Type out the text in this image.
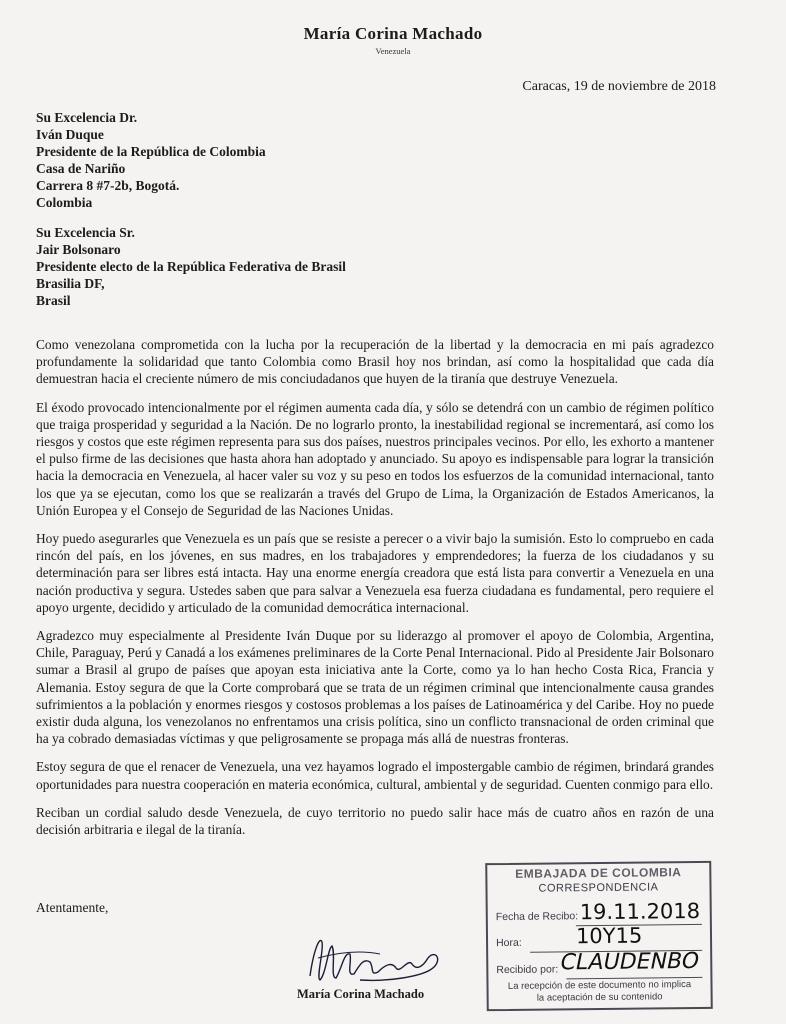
María Corina Machado
Venezuela
Caracas, 19 de noviembre de 2018
Su Excelencia Dr.
Iván Duque
Presidente de la República de Colombia
Casa de Nariño
Carrera 8 #7-2b, Bogotá.
Colombia
Su Excelencia Sr.
Jair Bolsonaro
Presidente electo de la República Federativa de Brasil
Brasilia DF,
Brasil

Como venezolana comprometida con la lucha por la recuperación de la libertad y la democracia en mi país agradezco profundamente la solidaridad que tanto Colombia como Brasil hoy nos brindan, así como la hospitalidad que cada día demuestran hacia el creciente número de mis conciudadanos que huyen de la tiranía que destruye Venezuela.

El éxodo provocado intencionalmente por el régimen aumenta cada día, y sólo se detendrá con un cambio de régimen político que traiga prosperidad y seguridad a la Nación. De no lograrlo pronto, la inestabilidad regional se incrementará, así como los riesgos y costos que este régimen representa para sus dos países, nuestros principales vecinos. Por ello, les exhorto a mantener el pulso firme de las decisiones que hasta ahora han adoptado y anunciado. Su apoyo es indispensable para lograr la transición hacia la democracia en Venezuela, al hacer valer su voz y su peso en todos los esfuerzos de la comunidad internacional, tanto los que ya se ejecutan, como los que se realizarán a través del Grupo de Lima, la Organización de Estados Americanos, la Unión Europea y el Consejo de Seguridad de las Naciones Unidas.

Hoy puedo asegurarles que Venezuela es un país que se resiste a perecer o a vivir bajo la sumisión. Esto lo compruebo en cada rincón del país, en los jóvenes, en sus madres, en los trabajadores y emprendedores; la fuerza de los ciudadanos y su determinación para ser libres está intacta. Hay una enorme energía creadora que está lista para convertir a Venezuela en una nación productiva y segura. Ustedes saben que para salvar a Venezuela esa fuerza ciudadana es fundamental, pero requiere el apoyo urgente, decidido y articulado de la comunidad democrática internacional.

Agradezco muy especialmente al Presidente Iván Duque por su liderazgo al promover el apoyo de Colombia, Argentina, Chile, Paraguay, Perú y Canadá a los exámenes preliminares de la Corte Penal Internacional. Pido al Presidente Jair Bolsonaro sumar a Brasil al grupo de países que apoyan esta iniciativa ante la Corte, como ya lo han hecho Costa Rica, Francia y Alemania. Estoy segura de que la Corte comprobará que se trata de un régimen criminal que intencionalmente causa grandes sufrimientos a la población y enormes riesgos y costosos problemas a los países de Latinoamérica y del Caribe. Hoy no puede existir duda alguna, los venezolanos no enfrentamos una crisis política, sino un conflicto transnacional de orden criminal que ha ya cobrado demasiadas víctimas y que peligrosamente se propaga más allá de nuestras fronteras.

Estoy segura de que el renacer de Venezuela, una vez hayamos logrado el impostergable cambio de régimen, brindará grandes oportunidades para nuestra cooperación en materia económica, cultural, ambiental y de seguridad. Cuenten conmigo para ello.

Reciban un cordial saludo desde Venezuela, de cuyo territorio no puedo salir hace más de cuatro años en razón de una decisión arbitraria e ilegal de la tiranía.

Atentamente,
María Corina Machado
EMBAJADA DE COLOMBIA
CORRESPONDENCIA
Fecha de Recibo: 19.11.2018
Hora:	10Y15
Recibido por: CLAUDENBO
La recepción de este documento no implica
la aceptación de su contenido
